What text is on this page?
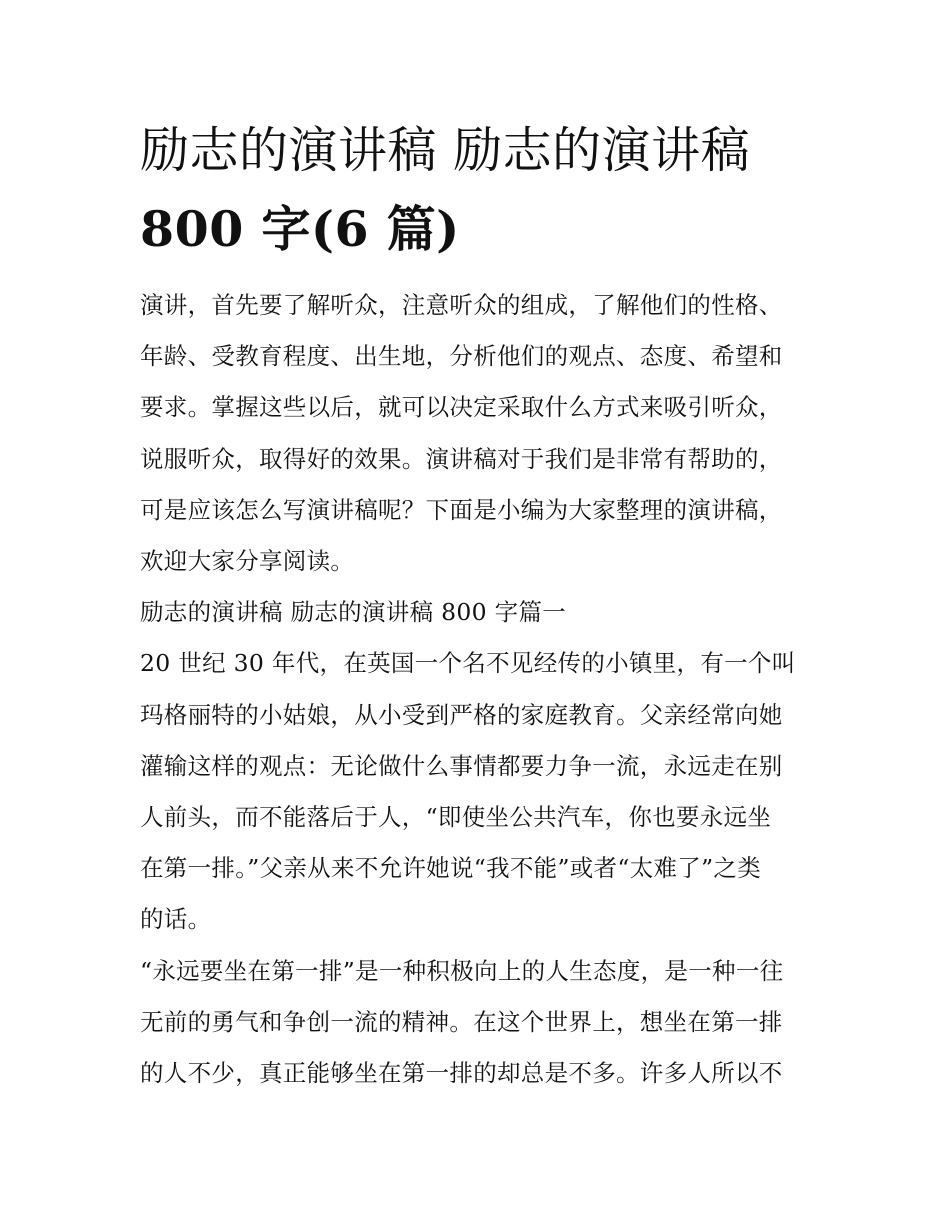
励志的演讲稿 励志的演讲稿
800 字(6 篇)
演讲，首先要了解听众，注意听众的组成，了解他们的性格、
年龄、受教育程度、出生地，分析他们的观点、态度、希望和
要求。掌握这些以后，就可以决定采取什么方式来吸引听众，
说服听众，取得好的效果。演讲稿对于我们是非常有帮助的，
可是应该怎么写演讲稿呢？下面是小编为大家整理的演讲稿，
欢迎大家分享阅读。
励志的演讲稿 励志的演讲稿 800 字篇一
20 世纪 30 年代，在英国一个名不见经传的小镇里，有一个叫
玛格丽特的小姑娘，从小受到严格的家庭教育。父亲经常向她
灌输这样的观点：无论做什么事情都要力争一流，永远走在别
人前头，而不能落后于人，“即使坐公共汽车，你也要永远坐
在第一排。”父亲从来不允许她说“我不能”或者“太难了”之类
的话。
“永远要坐在第一排”是一种积极向上的人生态度，是一种一往
无前的勇气和争创一流的精神。在这个世界上，想坐在第一排
的人不少，真正能够坐在第一排的却总是不多。许多人所以不
